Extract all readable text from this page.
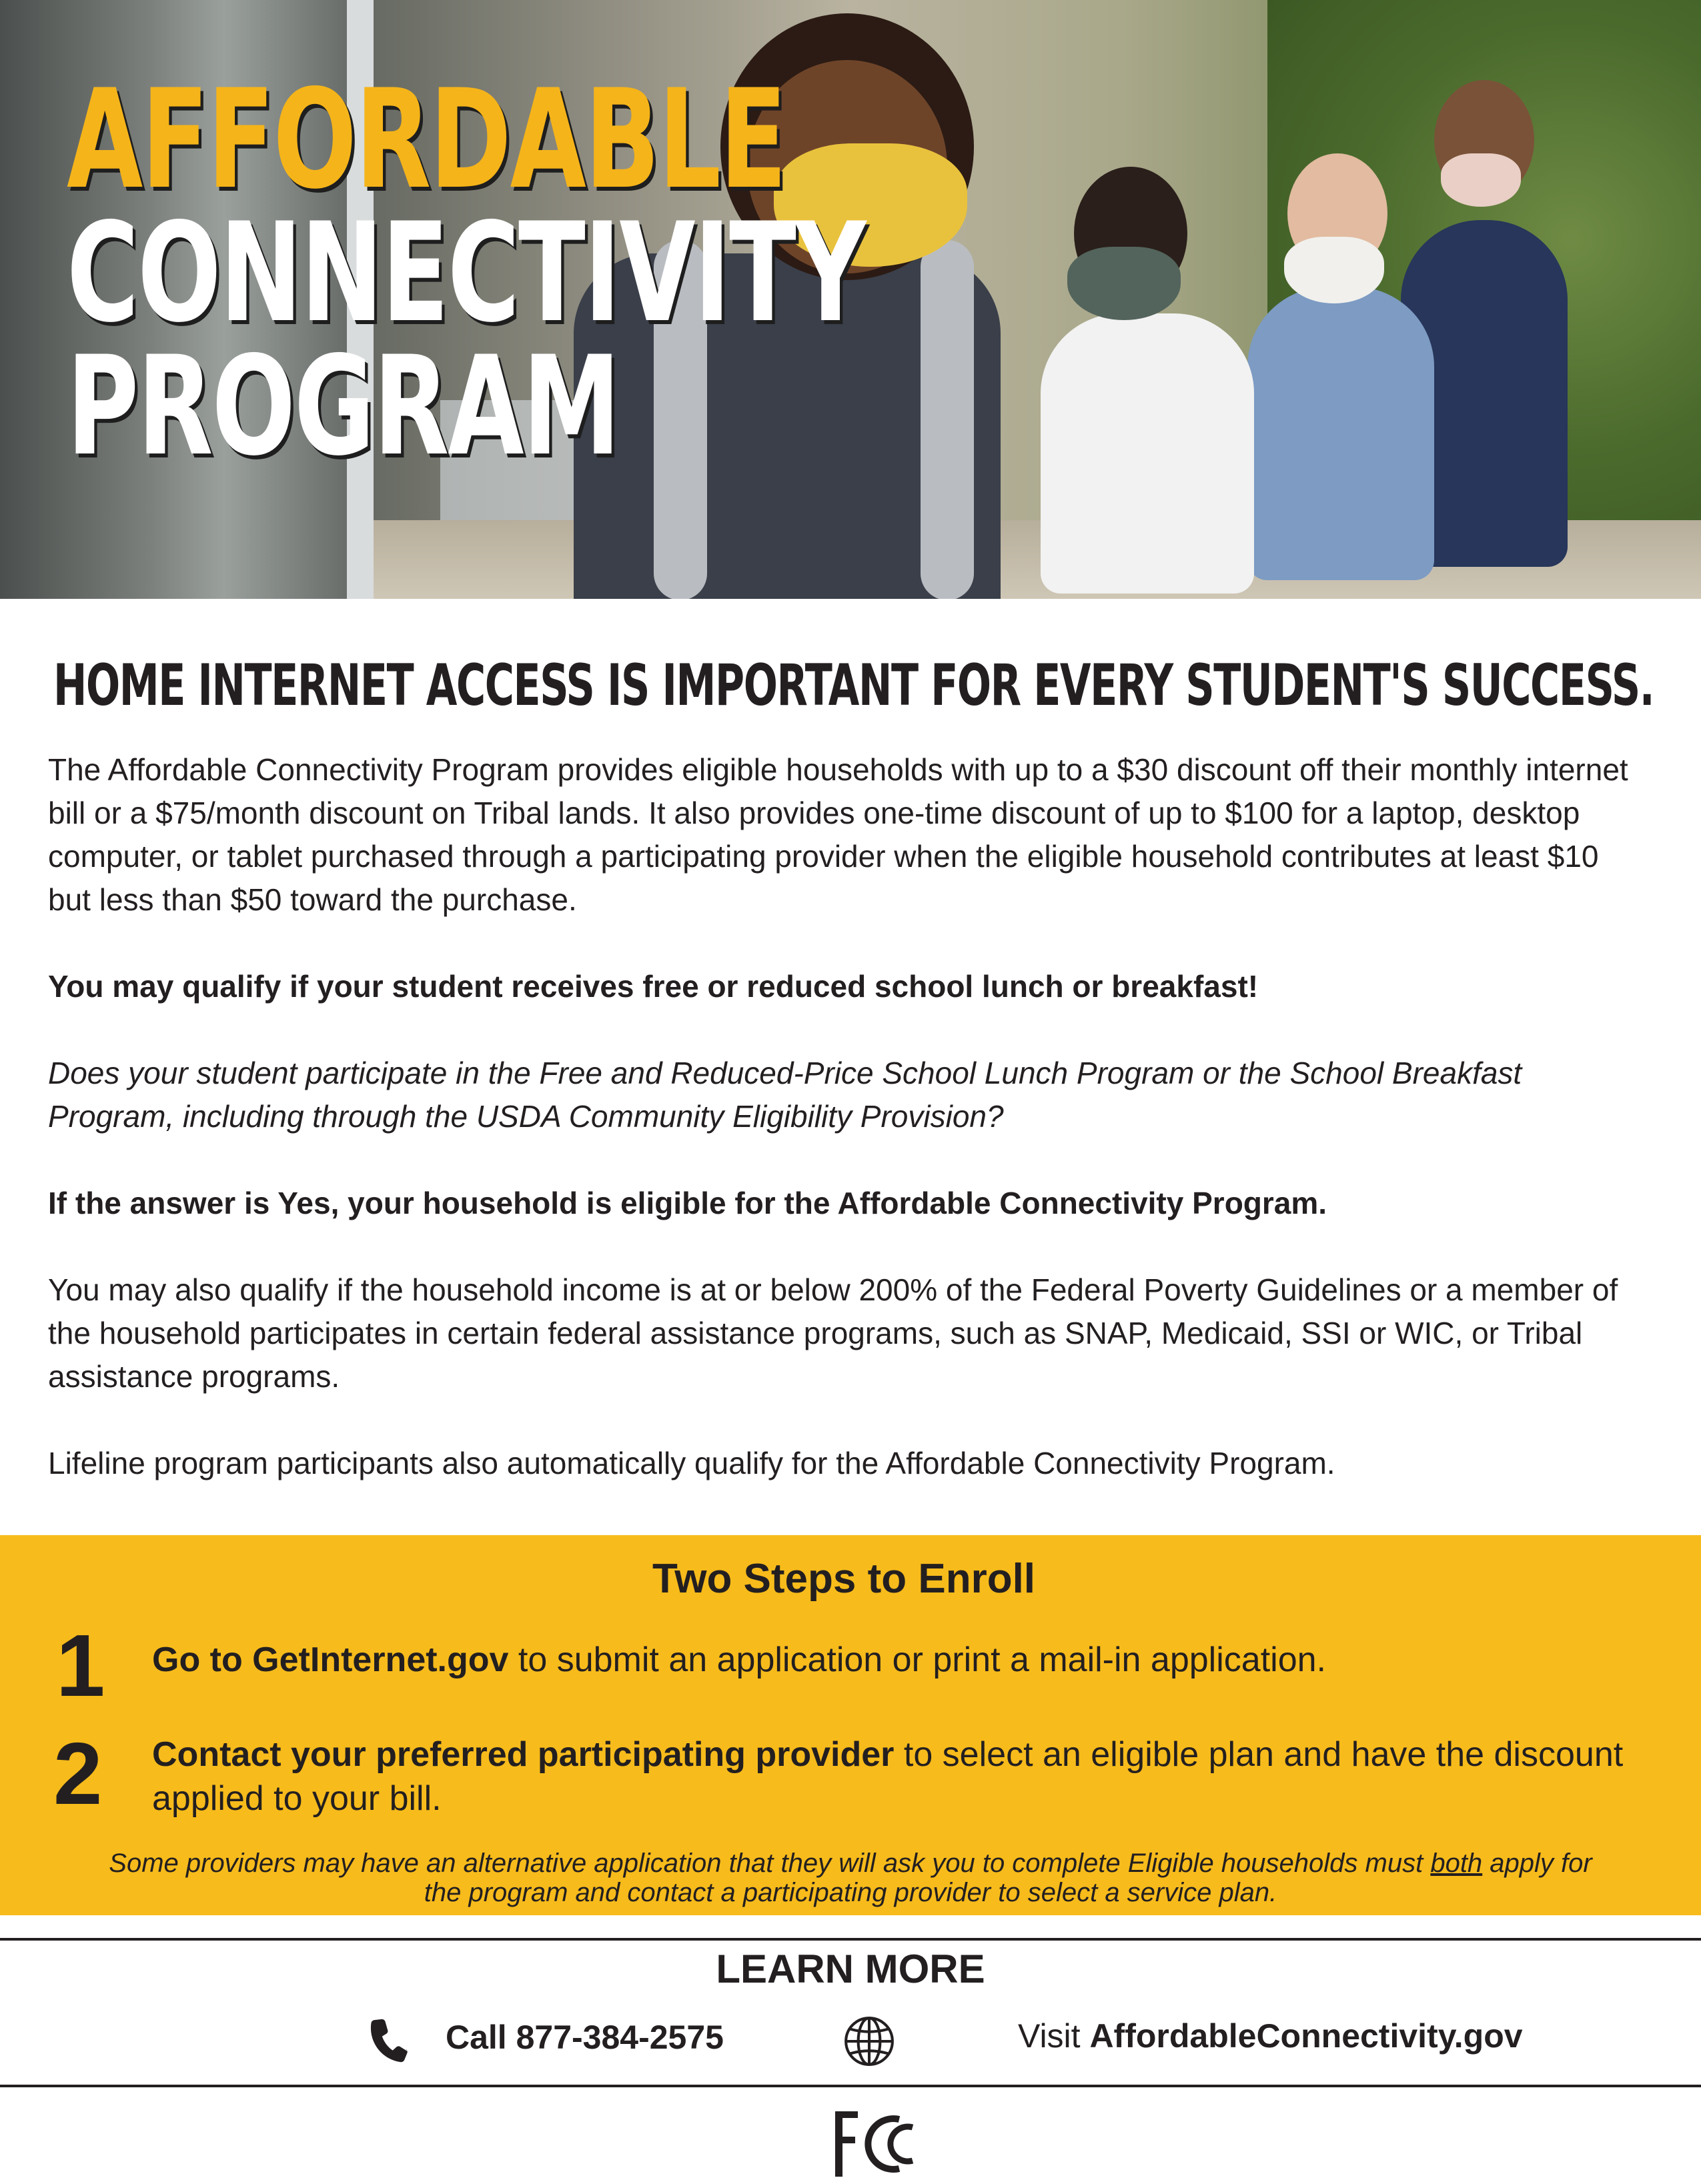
AFFORDABLE
CONNECTIVITY
PROGRAM
HOME INTERNET ACCESS IS IMPORTANT FOR EVERY STUDENT'S SUCCESS.

The Affordable Connectivity Program provides eligible households with up to a $30 discount off their monthly internet bill or a $75/month discount on Tribal lands. It also provides one-time discount of up to $100 for a laptop, desktop computer, or tablet purchased through a participating provider when the eligible household contributes at least $10 but less than $50 toward the purchase.

You may qualify if your student receives free or reduced school lunch or breakfast!

Does your student participate in the Free and Reduced-Price School Lunch Program or the School Breakfast Program, including through the USDA Community Eligibility Provision?

If the answer is Yes, your household is eligible for the Affordable Connectivity Program.

You may also qualify if the household income is at or below 200% of the Federal Poverty Guidelines or a member of the household participates in certain federal assistance programs, such as SNAP, Medicaid, SSI or WIC, or Tribal assistance programs.

Lifeline program participants also automatically qualify for the Affordable Connectivity Program.

Two Steps to Enroll
1 Go to GetInternet.gov to submit an application or print a mail-in application.
2 Contact your preferred participating provider to select an eligible plan and have the discount applied to your bill.
Some providers may have an alternative application that they will ask you to complete Eligible households must both apply for the program and contact a participating provider to select a service plan.
LEARN MORE
Call 877-384-2575	Visit AffordableConnectivity.gov
